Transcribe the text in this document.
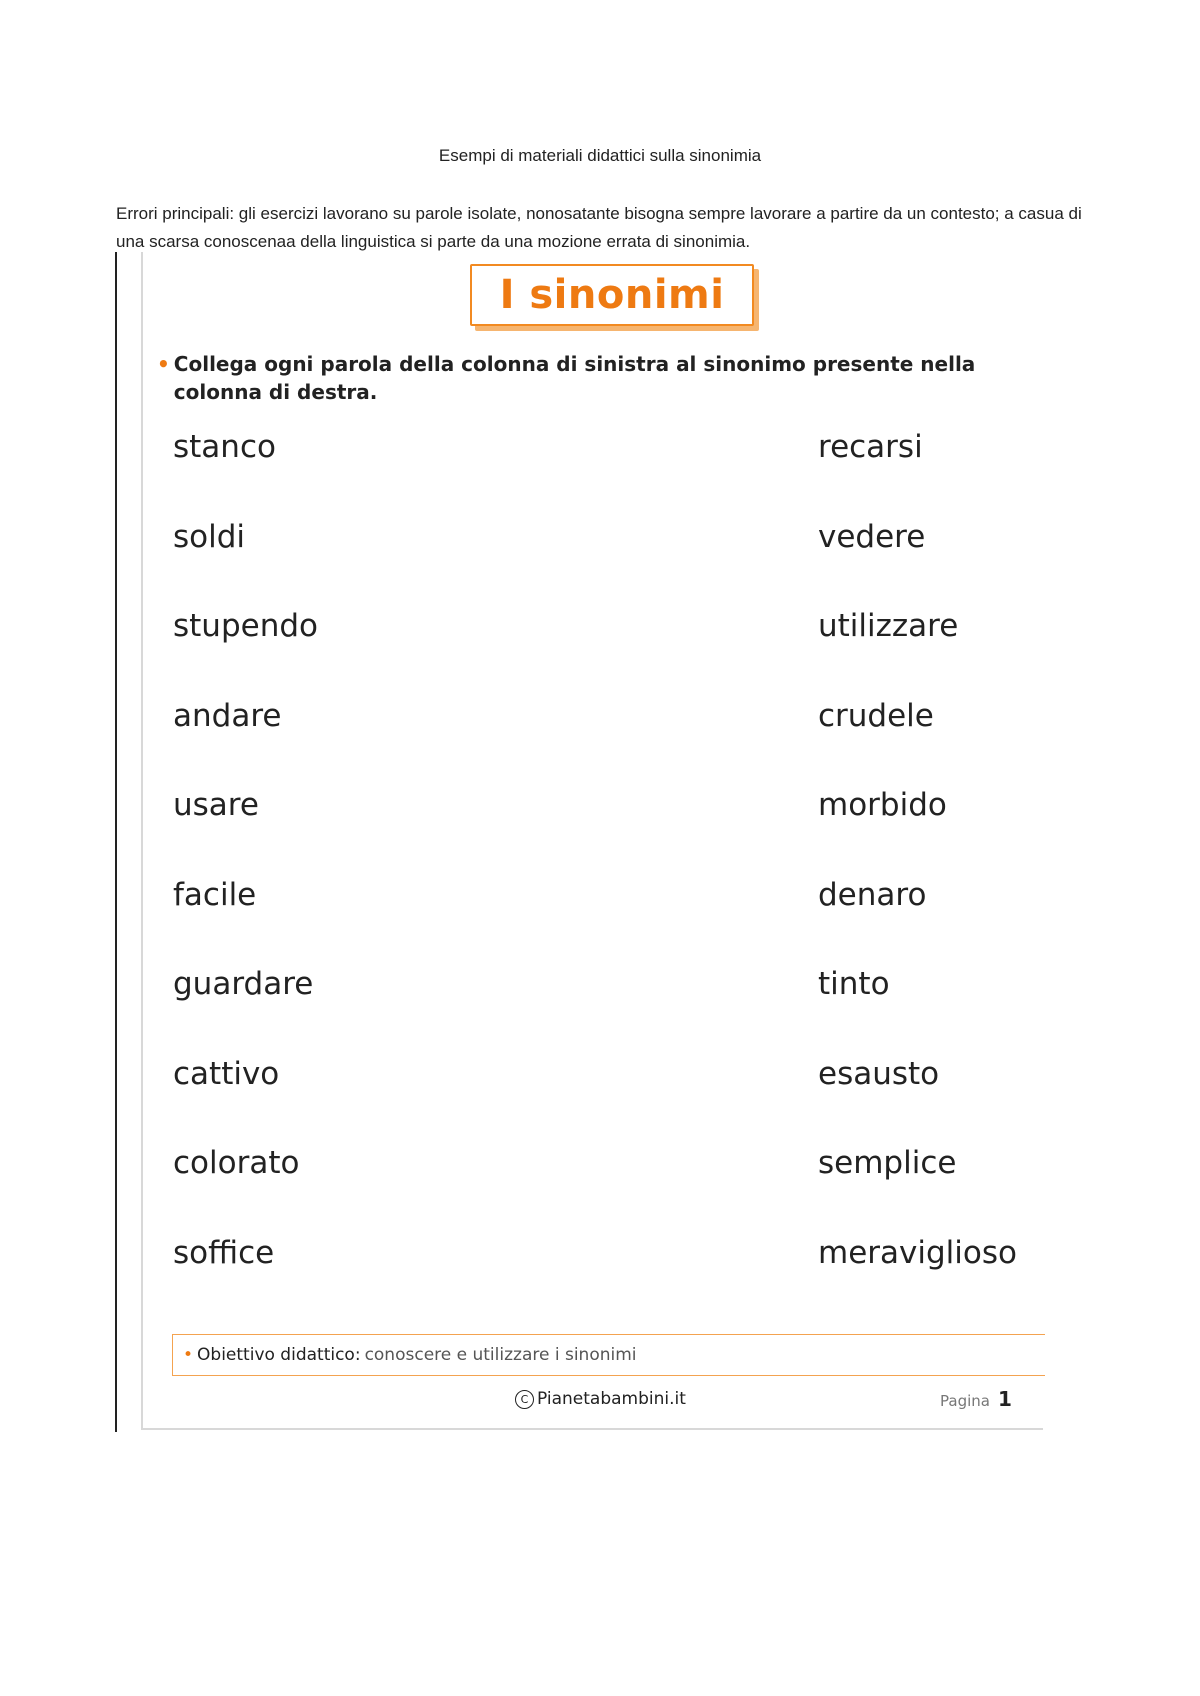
Esempi di materiali didattici sulla sinonimia
Errori principali: gli esercizi lavorano su parole isolate, nonosatante bisogna sempre lavorare a partire da un contesto; a casua di una scarsa conoscenaa della linguistica si parte da una mozione errata di sinonimia.
I sinonimi
• Collega ogni parola della colonna di sinistra al sinonimo presente nella colonna di destra.
stanco
soldi
stupendo
andare
usare
facile
guardare
cattivo
colorato
soffice
recarsi
vedere
utilizzare
crudele
morbido
denaro
tinto
esausto
semplice
meraviglioso
• Obiettivo didattico: conoscere e utilizzare i sinonimi
C Pianetabambini.it	Pagina 1
